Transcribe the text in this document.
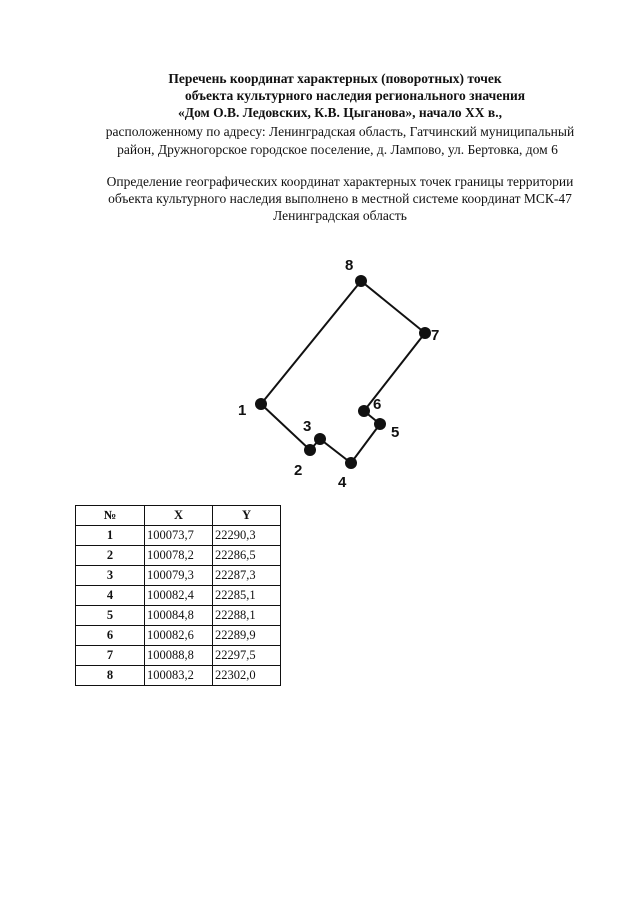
Перечень координат характерных (поворотных) точек
объекта культурного наследия регионального значения
«Дом О.В. Ледовских, К.В. Цыганова», начало ХХ в.,
расположенному по адресу: Ленинградская область, Гатчинский муниципальный
район, Дружногорское городское поселение, д. Лампово, ул. Бертовка, дом 6
Определение географических координат характерных точек границы территории
объекта культурного наследия выполнено в местной системе координат МСК-47
Ленинградская область
1
2
3
4
5
6
7
8
№	X	Y
1	100073,7	22290,3
2	100078,2	22286,5
3	100079,3	22287,3
4	100082,4	22285,1
5	100084,8	22288,1
6	100082,6	22289,9
7	100088,8	22297,5
8	100083,2	22302,0
